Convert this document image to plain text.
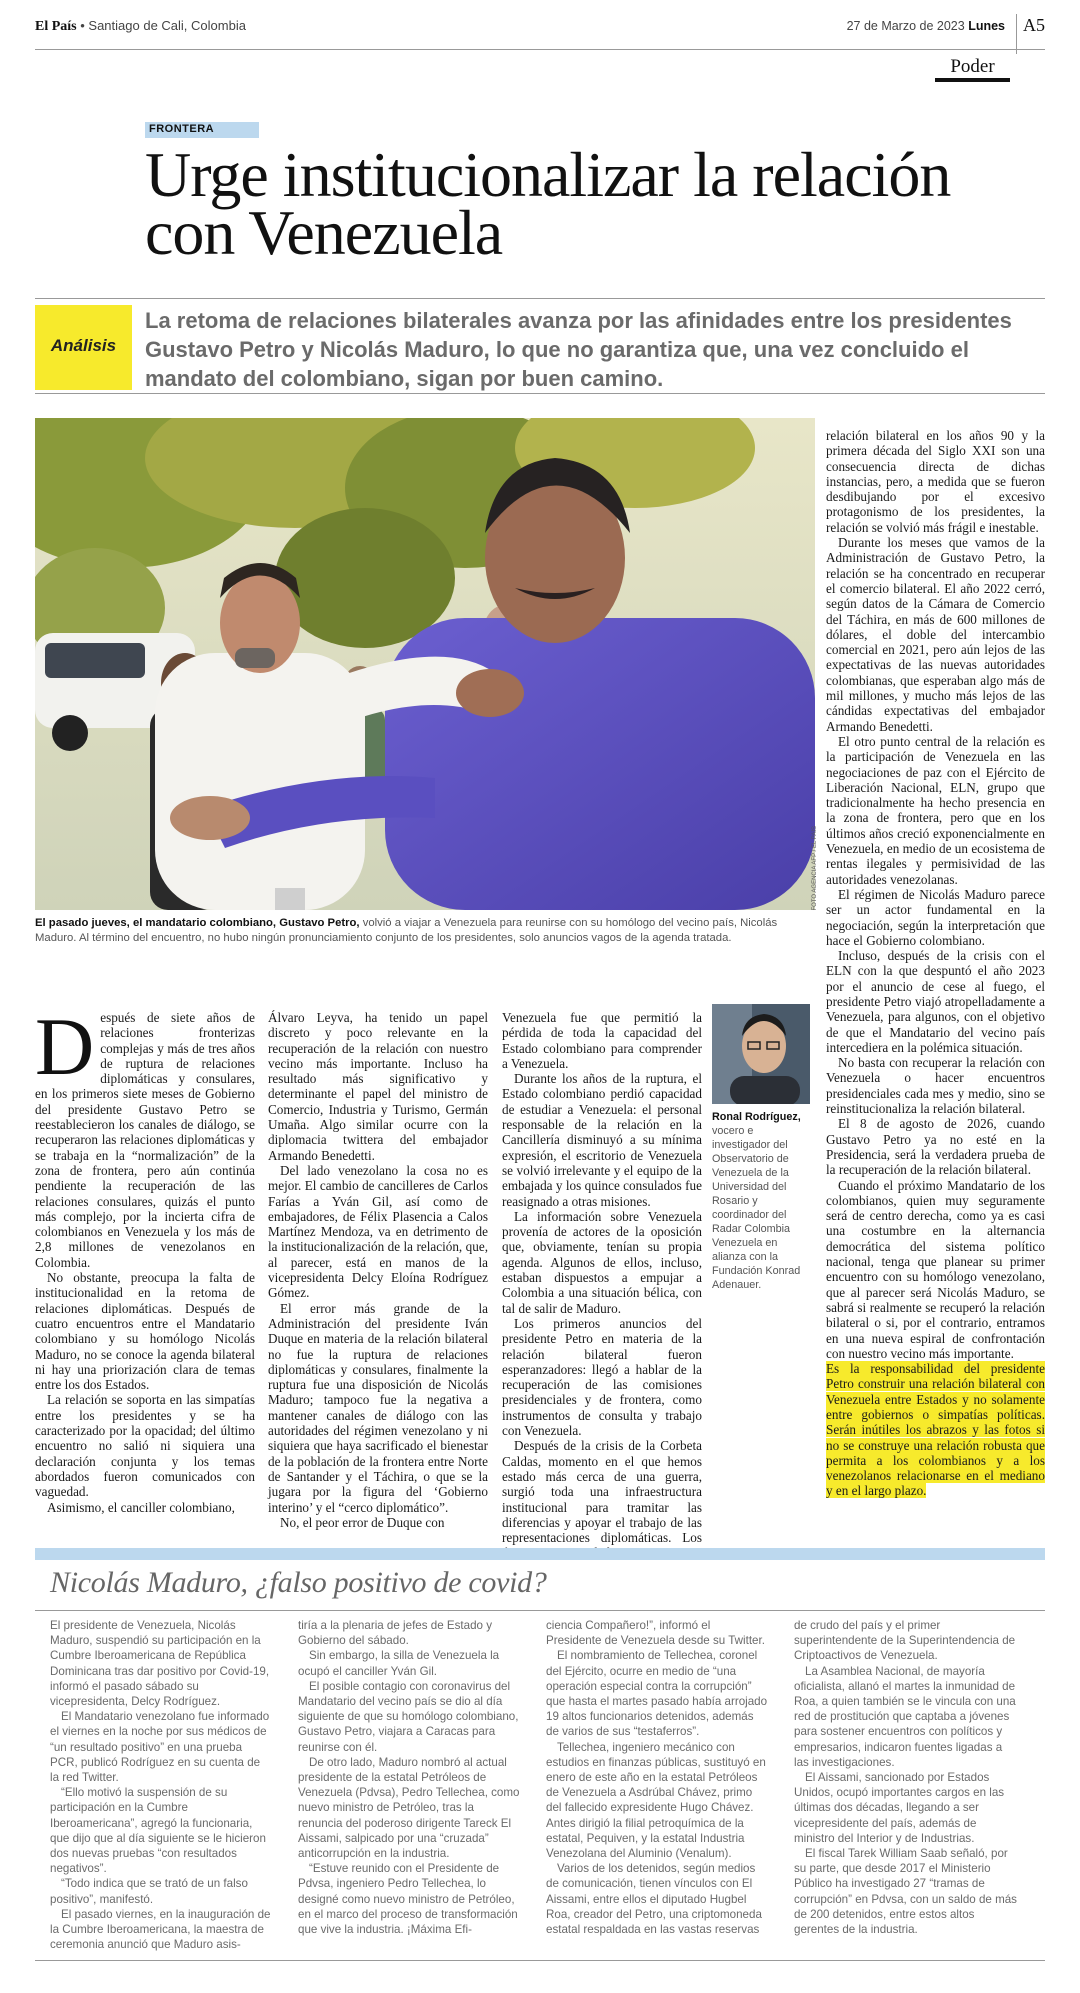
El País • Santiago de Cali, Colombia	27 de Marzo de 2023 Lunes A5
Poder
FRONTERA
Urge institucionalizar la relación con Venezuela
Análisis
La retoma de relaciones bilaterales avanza por las afinidades entre los presidentes Gustavo Petro y Nicolás Maduro, lo que no garantiza que, una vez concluido el mandato del colombiano, sigan por buen camino.
FOTO AGENCIA AFP / EL PAÍS
El pasado jueves, el mandatario colombiano, Gustavo Petro, volvió a viajar a Venezuela para reunirse con su homólogo del vecino país, Nicolás Maduro. Al término del encuentro, no hubo ningún pronunciamiento conjunto de los presidentes, solo anuncios vagos de la agenda tratada.
D espués de siete años de relaciones fronterizas complejas y más de tres años de ruptura de relaciones diplomáticas y consulares, en los primeros siete meses de Gobierno del presidente Gustavo Petro se reestablecieron los canales de diálogo, se recuperaron las relaciones diplomáticas y se trabaja en la “normalización” de la zona de frontera, pero aún continúa pendiente la recuperación de las relaciones consulares, quizás el punto más complejo, por la incierta cifra de colombianos en Venezuela y los más de 2,8 millones de venezolanos en Colombia.

No obstante, preocupa la falta de institucionalidad en la retoma de relaciones diplomáticas. Después de cuatro encuentros entre el Mandatario colombiano y su homólogo Nicolás Maduro, no se conoce la agenda bilateral ni hay una priorización clara de temas entre los dos Estados.

La relación se soporta en las simpatías entre los presidentes y se ha caracterizado por la opacidad; del último encuentro no salió ni siquiera una declaración conjunta y los temas abordados fueron comunicados con vaguedad.

Asimismo, el canciller colombiano,

Álvaro Leyva, ha tenido un papel discreto y poco relevante en la recuperación de la relación con nuestro vecino más importante. Incluso ha resultado más significativo y determinante el papel del ministro de Comercio, Industria y Turismo, Germán Umaña. Algo similar ocurre con la diplomacia twittera del embajador Armando Benedetti.

Del lado venezolano la cosa no es mejor. El cambio de cancilleres de Carlos Farías a Yván Gil, así como de embajadores, de Félix Plasencia a Calos Martínez Mendoza, va en detrimento de la institucionalización de la relación, que, al parecer, está en manos de la vicepresidenta Delcy Eloína Rodríguez Gómez.

El error más grande de la Administración del presidente Iván Duque en materia de la relación bilateral no fue la ruptura de relaciones diplomáticas y consulares, finalmente la ruptura fue una disposición de Nicolás Maduro; tampoco fue la negativa a mantener canales de diálogo con las autoridades del régimen venezolano y ni siquiera que haya sacrificado el bienestar de la población de la frontera entre Norte de Santander y el Táchira, o que se la jugara por la figura del ‘Gobierno interino’ y el “cerco diplomático”.

No, el peor error de Duque con

Venezuela fue que permitió la pérdida de toda la capacidad del Estado colombiano para comprender a Venezuela.

Durante los años de la ruptura, el Estado colombiano perdió capacidad de estudiar a Venezuela: el personal responsable de la relación en la Cancillería disminuyó a su mínima expresión, el escritorio de Venezuela se volvió irrelevante y el equipo de la embajada y los quince consulados fue reasignado a otras misiones.

La información sobre Venezuela provenía de actores de la oposición que, obviamente, tenían su propia agenda. Algunos de ellos, incluso, estaban dispuestos a empujar a Colombia a una situación bélica, con tal de salir de Maduro.

Los primeros anuncios del presidente Petro en materia de la relación bilateral fueron esperanzadores: llegó a hablar de la recuperación de las comisiones presidenciales y de frontera, como instrumentos de consulta y trabajo con Venezuela.

Después de la crisis de la Corbeta Caldas, momento en el que hemos estado más cerca de una guerra, surgió toda una infraestructura institucional para tramitar las diferencias y apoyar el trabajo de las representaciones diplomáticas. Los

Ronal Rodríguez, vocero e investigador del Observatorio de Venezuela de la Universidad del Rosario y coordinador del Radar Colombia Venezuela en alianza con la Fundación Konrad Adenauer.

relación bilateral en los años 90 y la primera década del Siglo XXI son una consecuencia directa de dichas instancias, pero, a medida que se fueron desdibujando por el excesivo protagonismo de los presidentes, la relación se volvió más frágil e inestable.

Durante los meses que vamos de la Administración de Gustavo Petro, la relación se ha concentrado en recuperar el comercio bilateral. El año 2022 cerró, según datos de la Cámara de Comercio del Táchira, en más de 600 millones de dólares, el doble del intercambio comercial en 2021, pero aún lejos de las expectativas de las nuevas autoridades colombianas, que esperaban algo más de mil millones, y mucho más lejos de las cándidas expectativas del embajador Armando Benedetti.

El otro punto central de la relación es la participación de Venezuela en las negociaciones de paz con el Ejército de Liberación Nacional, ELN, grupo que tradicionalmente ha hecho presencia en la zona de frontera, pero que en los últimos años creció exponencialmente en Venezuela, en medio de un ecosistema de rentas ilegales y permisividad de las autoridades venezolanas.

El régimen de Nicolás Maduro parece ser un actor fundamental en la negociación, según la interpretación que hace el Gobierno colombiano.

Incluso, después de la crisis con el ELN con la que despuntó el año 2023 por el anuncio de cese al fuego, el presidente Petro viajó atropelladamente a Venezuela, para algunos, con el objetivo de que el Mandatario del vecino país intercediera en la polémica situación.

No basta con recuperar la relación con Venezuela o hacer encuentros presidenciales cada mes y medio, sino se reinstitucionaliza la relación bilateral.

El 8 de agosto de 2026, cuando Gustavo Petro ya no esté en la Presidencia, será la verdadera prueba de la recuperación de la relación bilateral.

Cuando el próximo Mandatario de los colombianos, quien muy seguramente será de centro derecha, como ya es casi una costumbre en la alternancia democrática del sistema político nacional, tenga que planear su primer encuentro con su homólogo venezolano, que al parecer será Nicolás Maduro, se sabrá si realmente se recuperó la relación bilateral o si, por el contrario, entramos en una nueva espiral de confrontación con nuestro vecino más importante.

Es la responsabilidad del presidente Petro construir una relación bilateral con Venezuela entre Estados y no solamente entre gobiernos o simpatías políticas. Serán inútiles los abrazos y las fotos si no se construye una relación robusta que permita a los colombianos y a los venezolanos relacionarse en el mediano y en el largo plazo.

Nicolás Maduro, ¿falso positivo de covid?

El presidente de Venezuela, Nicolás Maduro, suspendió su participación en la Cumbre Iberoamericana de República Dominicana tras dar positivo por Covid-19, informó el pasado sábado su vicepresidenta, Delcy Rodríguez.

El Mandatario venezolano fue informado el viernes en la noche por sus médicos de “un resultado positivo” en una prueba PCR, publicó Rodríguez en su cuenta de la red Twitter.

“Ello motivó la suspensión de su participación en la Cumbre Iberoamericana”, agregó la funcionaria, que dijo que al día siguiente se le hicieron dos nuevas pruebas “con resultados negativos”.

“Todo indica que se trató de un falso positivo”, manifestó.

El pasado viernes, en la inauguración de la Cumbre Iberoamericana, la maestra de ceremonia anunció que Maduro asis-

tiría a la plenaria de jefes de Estado y Gobierno del sábado.

Sin embargo, la silla de Venezuela la ocupó el canciller Yván Gil.

El posible contagio con coronavirus del Mandatario del vecino país se dio al día siguiente de que su homólogo colombiano, Gustavo Petro, viajara a Caracas para reunirse con él.

De otro lado, Maduro nombró al actual presidente de la estatal Petróleos de Venezuela (Pdvsa), Pedro Tellechea, como nuevo ministro de Petróleo, tras la renuncia del poderoso dirigente Tareck El Aissami, salpicado por una “cruzada” anticorrupción en la industria.

“Estuve reunido con el Presidente de Pdvsa, ingeniero Pedro Tellechea, lo designé como nuevo ministro de Petróleo, en el marco del proceso de transformación que vive la industria. ¡Máxima Efi-

ciencia Compañero!”, informó el Presidente de Venezuela desde su Twitter.

El nombramiento de Tellechea, coronel del Ejército, ocurre en medio de “una operación especial contra la corrupción” que hasta el martes pasado había arrojado 19 altos funcionarios detenidos, además de varios de sus “testaferros”.

Tellechea, ingeniero mecánico con estudios en finanzas públicas, sustituyó en enero de este año en la estatal Petróleos de Venezuela a Asdrúbal Chávez, primo del fallecido expresidente Hugo Chávez. Antes dirigió la filial petroquímica de la estatal, Pequiven, y la estatal Industria Venezolana del Aluminio (Venalum).

Varios de los detenidos, según medios de comunicación, tienen vínculos con El Aissami, entre ellos el diputado Hugbel Roa, creador del Petro, una criptomoneda estatal respaldada en las vastas reservas

de crudo del país y el primer superintendente de la Superintendencia de Criptoactivos de Venezuela.

La Asamblea Nacional, de mayoría oficialista, allanó el martes la inmunidad de Roa, a quien también se le vincula con una red de prostitución que captaba a jóvenes para sostener encuentros con políticos y empresarios, indicaron fuentes ligadas a las investigaciones.

El Aissami, sancionado por Estados Unidos, ocupó importantes cargos en las últimas dos décadas, llegando a ser vicepresidente del país, además de ministro del Interior y de Industrias.

El fiscal Tarek William Saab señaló, por su parte, que desde 2017 el Ministerio Público ha investigado 27 “tramas de corrupción” en Pdvsa, con un saldo de más de 200 detenidos, entre estos altos gerentes de la industria.
